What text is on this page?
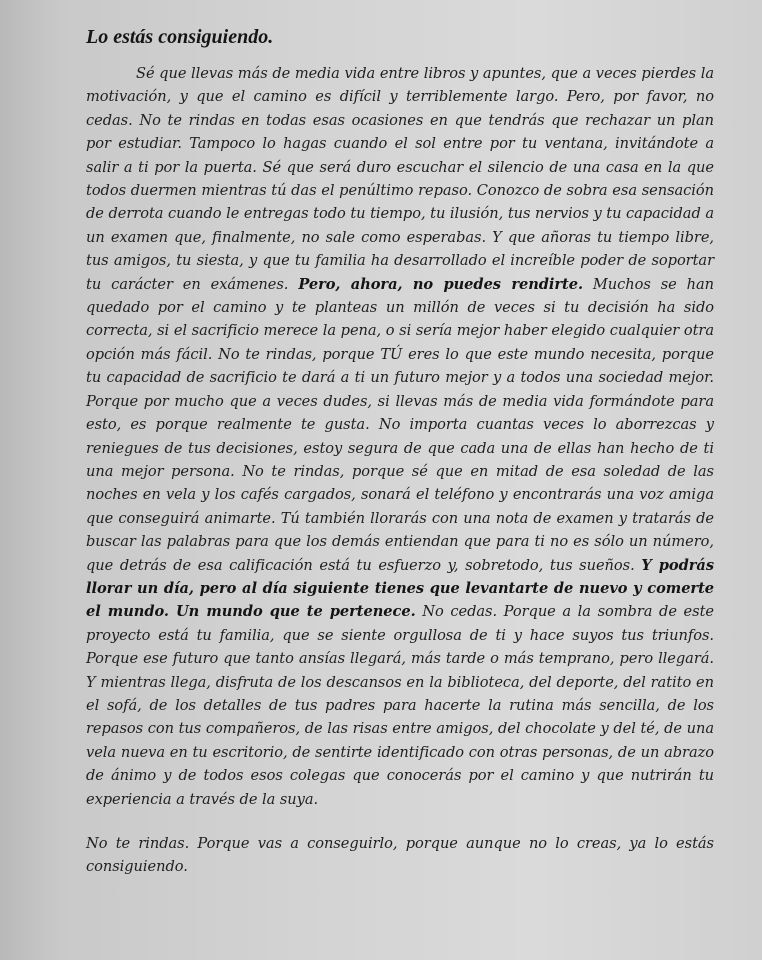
Lo estás consiguiendo.

Sé que llevas más de media vida entre libros y apuntes, que a veces pierdes la motivación, y que el camino es difícil y terriblemente largo. Pero, por favor, no cedas. No te rindas en todas esas ocasiones en que tendrás que rechazar un plan por estudiar. Tampoco lo hagas cuando el sol entre por tu ventana, invitándote a salir a ti por la puerta. Sé que será duro escuchar el silencio de una casa en la que todos duermen mientras tú das el penúltimo repaso. Conozco de sobra esa sensación de derrota cuando le entregas todo tu tiempo, tu ilusión, tus nervios y tu capacidad a un examen que, finalmente, no sale como esperabas. Y que añoras tu tiempo libre, tus amigos, tu siesta, y que tu familia ha desarrollado el increíble poder de soportar tu carácter en exámenes. Pero, ahora, no puedes rendirte. Muchos se han quedado por el camino y te planteas un millón de veces si tu decisión ha sido correcta, si el sacrificio merece la pena, o si sería mejor haber elegido cualquier otra opción más fácil. No te rindas, porque TÚ eres lo que este mundo necesita, porque tu capacidad de sacrificio te dará a ti un futuro mejor y a todos una sociedad mejor. Porque por mucho que a veces dudes, si llevas más de media vida formándote para esto, es porque realmente te gusta. No importa cuantas veces lo aborrezcas y reniegues de tus decisiones, estoy segura de que cada una de ellas han hecho de ti una mejor persona. No te rindas, porque sé que en mitad de esa soledad de las noches en vela y los cafés cargados, sonará el teléfono y encontrarás una voz amiga que conseguirá animarte. Tú también llorarás con una nota de examen y tratarás de buscar las palabras para que los demás entiendan que para ti no es sólo un número, que detrás de esa calificación está tu esfuerzo y, sobretodo, tus sueños. Y podrás llorar un día, pero al día siguiente tienes que levantarte de nuevo y comerte el mundo. Un mundo que te pertenece. No cedas. Porque a la sombra de este proyecto está tu familia, que se siente orgullosa de ti y hace suyos tus triunfos. Porque ese futuro que tanto ansías llegará, más tarde o más temprano, pero llegará. Y mientras llega, disfruta de los descansos en la biblioteca, del deporte, del ratito en el sofá, de los detalles de tus padres para hacerte la rutina más sencilla, de los repasos con tus compañeros, de las risas entre amigos, del chocolate y del té, de una vela nueva en tu escritorio, de sentirte identificado con otras personas, de un abrazo de ánimo y de todos esos colegas que conocerás por el camino y que nutrirán tu experiencia a través de la suya.

No te rindas. Porque vas a conseguirlo, porque aunque no lo creas, ya lo estás consiguiendo.
